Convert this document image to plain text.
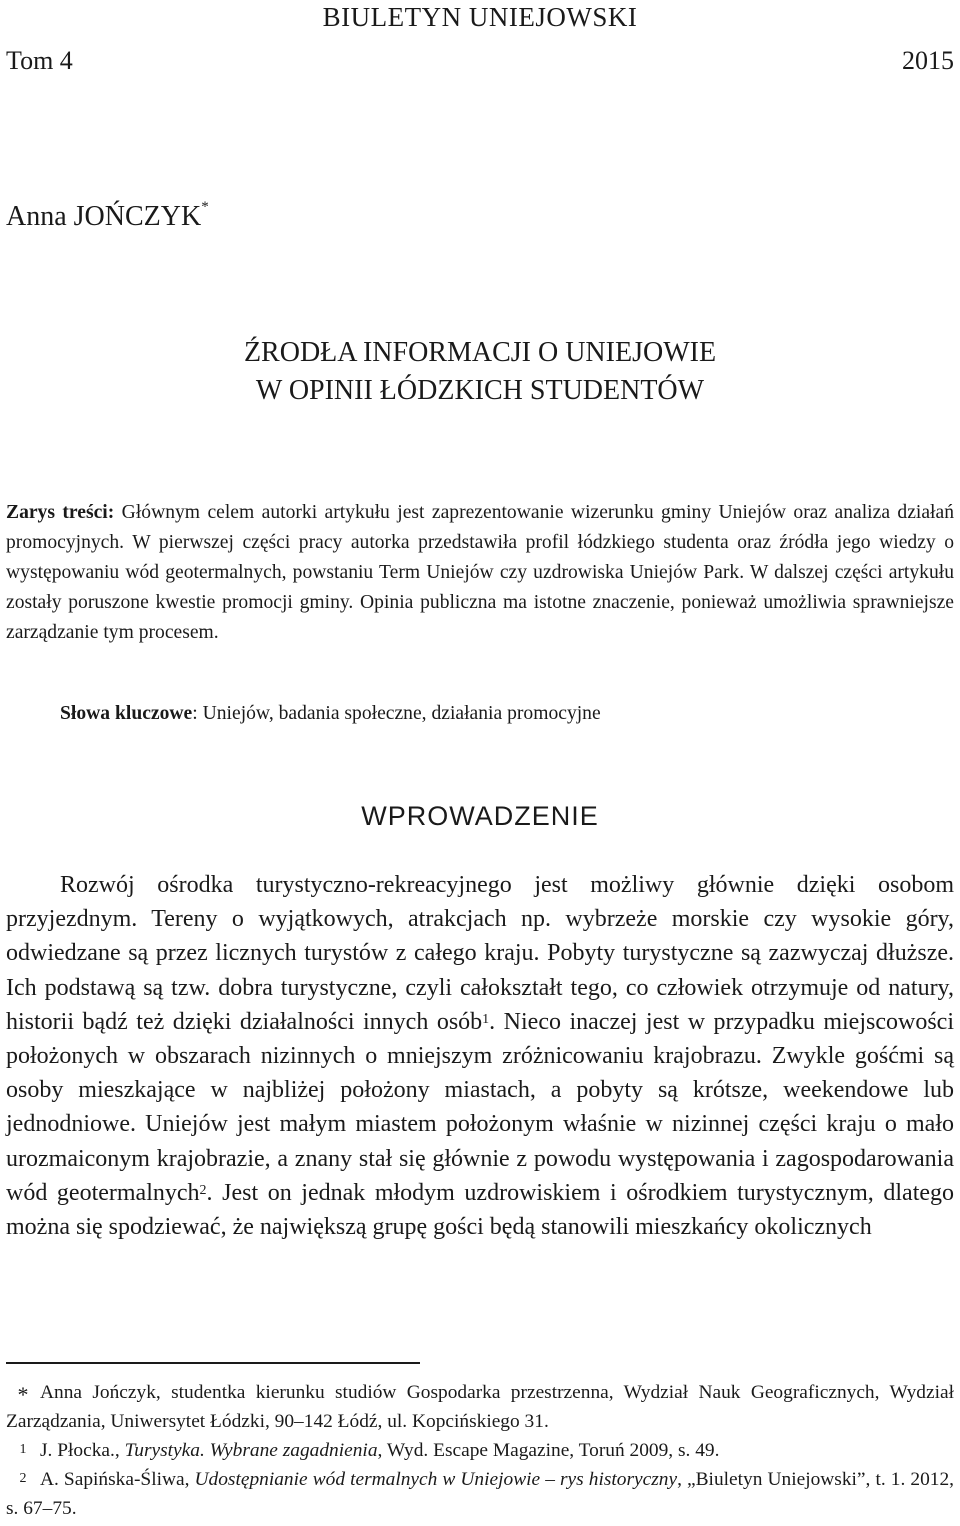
BIULETYN UNIEJOWSKI
Tom 4	2015
Anna JOŃCZYK*
ŹRODŁA INFORMACJI O UNIEJOWIE
W OPINII ŁÓDZKICH STUDENTÓW
Zarys treści: Głównym celem autorki artykułu jest zaprezentowanie wizerunku gminy Uniejów oraz analiza działań promocyjnych. W pierwszej części pracy autorka przedstawiła profil łódzkiego studenta oraz źródła jego wiedzy o występowaniu wód geotermalnych, powstaniu Term Uniejów czy uzdrowiska Uniejów Park. W dalszej części artykułu zostały poruszone kwestie promocji gminy. Opinia publiczna ma istotne znaczenie, ponieważ umożliwia sprawniejsze zarządzanie tym procesem.
Słowa kluczowe: Uniejów, badania społeczne, działania promocyjne
WPROWADZENIE
Rozwój ośrodka turystyczno-rekreacyjnego jest możliwy głównie dzięki osobom przyjezdnym. Tereny o wyjątkowych, atrakcjach np. wybrzeże morskie czy wysokie góry, odwiedzane są przez licznych turystów z całego kraju. Pobyty turystyczne są zazwyczaj dłuższe. Ich podstawą są tzw. dobra turystyczne, czyli całokształt tego, co człowiek otrzymuje od natury, historii bądź też dzięki działalności innych osób$^1$. Nieco inaczej jest w przypadku miejscowości położonych w obszarach nizinnych o mniejszym zróżnicowaniu krajobrazu. Zwykle gośćmi są osoby mieszkające w najbliżej położony miastach, a pobyty są krótsze, weekendowe lub jednodniowe. Uniejów jest małym miastem położonym właśnie w nizinnej części kraju o mało urozmaiconym krajobrazie, a znany stał się głównie z powodu występowania i zagospodarowania wód geotermalnych$^2$. Jest on jednak młodym uzdrowiskiem i ośrodkiem turystycznym, dlatego można się spodziewać, że największą grupę gości będą stanowili mieszkańcy okolicznych
* Anna Jończyk, studentka kierunku studiów Gospodarka przestrzenna, Wydział Nauk Geograficznych, Wydział Zarządzania, Uniwersytet Łódzki, 90–142 Łódź, ul. Kopcińskiego 31.
1 J. Płocka., Turystyka. Wybrane zagadnienia, Wyd. Escape Magazine, Toruń 2009, s. 49.
2 A. Sapińska-Śliwa, Udostępnianie wód termalnych w Uniejowie – rys historyczny, „Biuletyn Uniejowski”, t. 1. 2012, s. 67–75.
